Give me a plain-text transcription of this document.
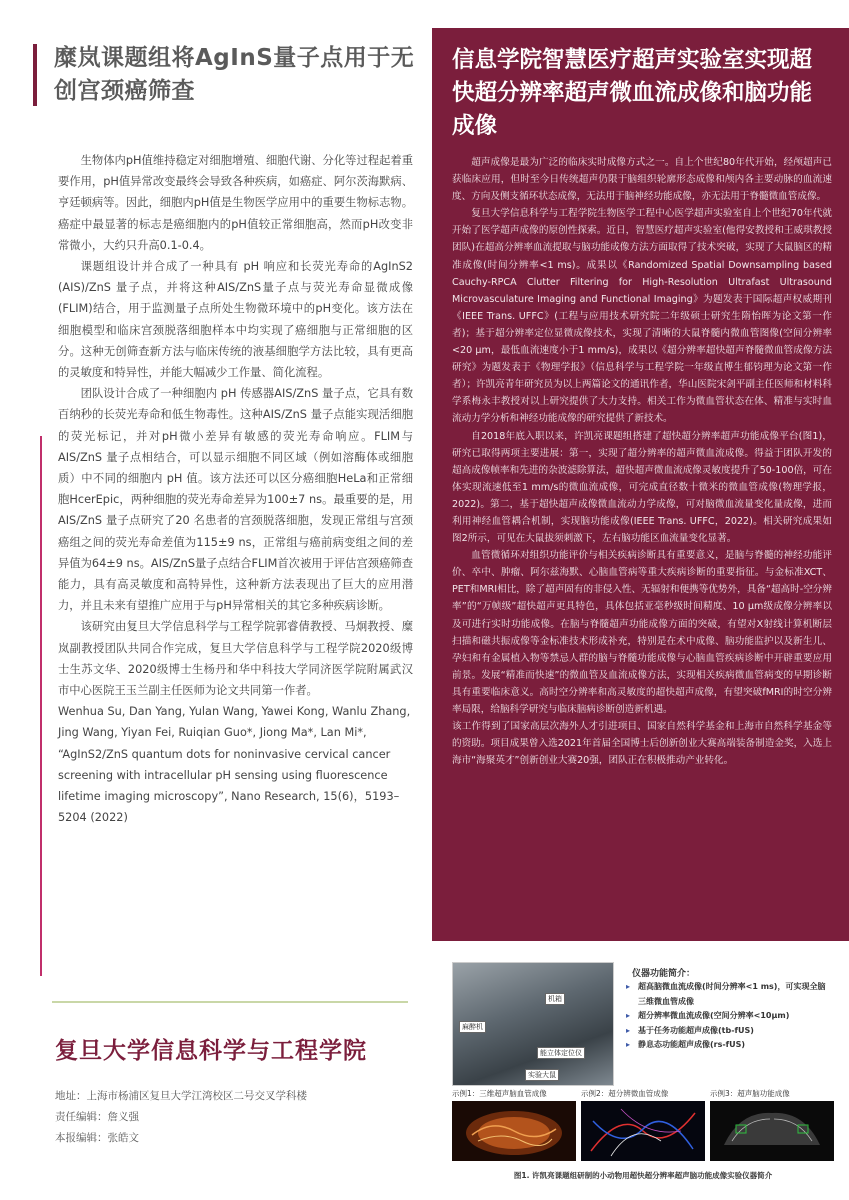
糜岚课题组将AgInS量子点用于无创宫颈癌筛查

生物体内pH值维持稳定对细胞增殖、细胞代谢、分化等过程起着重要作用，pH值异常改变最终会导致各种疾病，如癌症、阿尔茨海默病、亨廷顿病等。因此，细胞内pH值是生物医学应用中的重要生物标志物。癌症中最显著的标志是癌细胞内的pH值较正常细胞高，然而pH改变非常微小，大约只升高0.1-0.4。

课题组设计并合成了一种具有 pH 响应和长荧光寿命的AgInS2 (AIS)/ZnS 量子点，并将这种AIS/ZnS量子点与荧光寿命显微成像(FLIM)结合，用于监测量子点所处生物微环境中的pH变化。该方法在细胞模型和临床宫颈脱落细胞样本中均实现了癌细胞与正常细胞的区分。这种无创筛查新方法与临床传统的液基细胞学方法比较，具有更高的灵敏度和特异性，并能大幅减少工作量、简化流程。

团队设计合成了一种细胞内 pH 传感器AIS/ZnS 量子点，它具有数百纳秒的长荧光寿命和低生物毒性。这种AIS/ZnS 量子点能实现活细胞的荧光标记，并对pH微小差异有敏感的荧光寿命响应。FLIM与 AIS/ZnS 量子点相结合，可以显示细胞不同区域（例如溶酶体或细胞质）中不同的细胞内 pH 值。该方法还可以区分癌细胞HeLa和正常细胞HcerEpic，两种细胞的荧光寿命差异为100±7 ns。最重要的是，用 AIS/ZnS 量子点研究了20 名患者的宫颈脱落细胞，发现正常组与宫颈癌组之间的荧光寿命差值为115±9 ns，正常组与癌前病变组之间的差异值为64±9 ns。AIS/ZnS量子点结合FLIM首次被用于评估宫颈癌筛查能力，具有高灵敏度和高特异性，这种新方法表现出了巨大的应用潜力，并且未来有望推广应用于与pH异常相关的其它多种疾病诊断。

该研究由复旦大学信息科学与工程学院郭睿倩教授、马炯教授、糜岚副教授团队共同合作完成，复旦大学信息科学与工程学院2020级博士生苏文华、2020级博士生杨丹和华中科技大学同济医学院附属武汉市中心医院王玉兰副主任医师为论文共同第一作者。

Wenhua Su, Dan Yang, Yulan Wang, Yawei Kong, Wanlu Zhang, Jing Wang, Yiyan Fei, Ruiqian Guo*, Jiong Ma*, Lan Mi*, “AgInS2/ZnS quantum dots for noninvasive cervical cancer screening with intracellular pH sensing using fluorescence lifetime imaging microscopy”, Nano Research, 15(6)，5193–5204 (2022)

复旦大学信息科学与工程学院
地址：上海市杨浦区复旦大学江湾校区二号交叉学科楼
责任编辑：詹义强
本报编辑：张皓文
信息学院智慧医疗超声实验室实现超快超分辨率超声微血流成像和脑功能成像

超声成像是最为广泛的临床实时成像方式之一。自上个世纪80年代开始，经颅超声已获临床应用，但时至今日传统超声仍限于脑组织轮廓形态成像和颅内各主要动脉的血流速度、方向及侧支循环状态成像，无法用于脑神经功能成像，亦无法用于脊髓微血管成像。

复旦大学信息科学与工程学院生物医学工程中心医学超声实验室自上个世纪70年代就开始了医学超声成像的原创性探索。近日，智慧医疗超声实验室(他得安教授和王威琪教授团队)在超高分辨率血流提取与脑功能成像方法方面取得了技术突破，实现了大鼠脑区的精准成像(时间分辨率<1 ms)。成果以《Randomized Spatial Downsampling based Cauchy-RPCA Clutter Filtering for High-Resolution Ultrafast Ultrasound Microvasculature Imaging and Functional Imaging》为题发表于国际超声权威期刊《IEEE Trans. UFFC》(工程与应用技术研究院二年级硕士研究生隋怡晖为论文第一作者)；基于超分辨率定位显微成像技术，实现了清晰的大鼠脊髓内微血管图像(空间分辨率<20 μm，最低血流速度小于1 mm/s)，成果以《超分辨率超快超声脊髓微血管成像方法研究》为题发表于《物理学报》（信息科学与工程学院一年级直博生郁钧理为论文第一作者）；许凯亮青年研究员为以上两篇论文的通讯作者，华山医院宋剑平副主任医师和材料科学系梅永丰教授对以上研究提供了大力支持。相关工作为微血管状态在体、精准与实时血流动力学分析和神经功能成像的研究提供了新技术。

自2018年底入职以来，许凯亮课题组搭建了超快超分辨率超声功能成像平台(图1)，研究已取得两项主要进展：第一，实现了超分辨率的超声微血流成像。得益于团队开发的超高成像帧率和先进的杂波滤除算法，超快超声微血流成像灵敏度提升了50-100倍，可在体实现流速低至1 mm/s的微血流成像，可完成直径数十微米的微血管成像(物理学报，2022)。第二，基于超快超声成像微血流动力学成像，可对脑微血流量变化量成像，进而利用神经血管耦合机制，实现脑功能成像(IEEE Trans. UFFC，2022)。相关研究成果如图2所示，可见在大鼠拔须刺激下，左右脑功能区血流量变化显著。

血管微循环对组织功能评价与相关疾病诊断具有重要意义，是脑与脊髓的神经功能评价、卒中、肿瘤、阿尔兹海默、心脑血管病等重大疾病诊断的重要指征。与金标准XCT、PET和MRI相比，除了超声固有的非侵入性、无辐射和便携等优势外，具备“超高时-空分辨率”的“万帧级”超快超声更具特色，具体包括亚毫秒级时间精度、10 μm级成像分辨率以及可进行实时功能成像。在脑与脊髓超声功能成像方面的突破，有望对X射线计算机断层扫描和磁共振成像等金标准技术形成补充，特别是在术中成像、脑功能监护以及新生儿、孕妇和有金属植入物等禁忌人群的脑与脊髓功能成像与心脑血管疾病诊断中开辟重要应用前景。发展“精准而快速”的微血管及血流成像方法，实现相关疾病微血管病变的早期诊断具有重要临床意义。高时空分辨率和高灵敏度的超快超声成像，有望突破fMRI的时空分辨率局限，给脑科学研究与临床脑病诊断创造新机遇。

该工作得到了国家高层次海外人才引进项目、国家自然科学基金和上海市自然科学基金等的资助。项目成果曾入选2021年首届全国博士后创新创业大赛高端装备制造金奖，入选上海市“海聚英才”创新创业大赛20强，团队正在积极推动产业转化。

麻醉机
机箱
能立体定位仪
实验大鼠
仪器功能简介：
▸ 超高脑微血流成像(时间分辨率<1 ms)，可实现全脑三维微血管成像
▸ 超分辨率微血流成像(空间分辨率<10μm)
▸ 基于任务功能超声成像(tb-fUS)
▸ 静息态功能超声成像(rs-fUS)
示例1：三维超声脑血管成像	示例2：超分辨微血管成像	示例3：超声脑功能成像
图1. 许凯亮课题组研制的小动物用超快超分辨率超声脑功能成像实验仪器简介
